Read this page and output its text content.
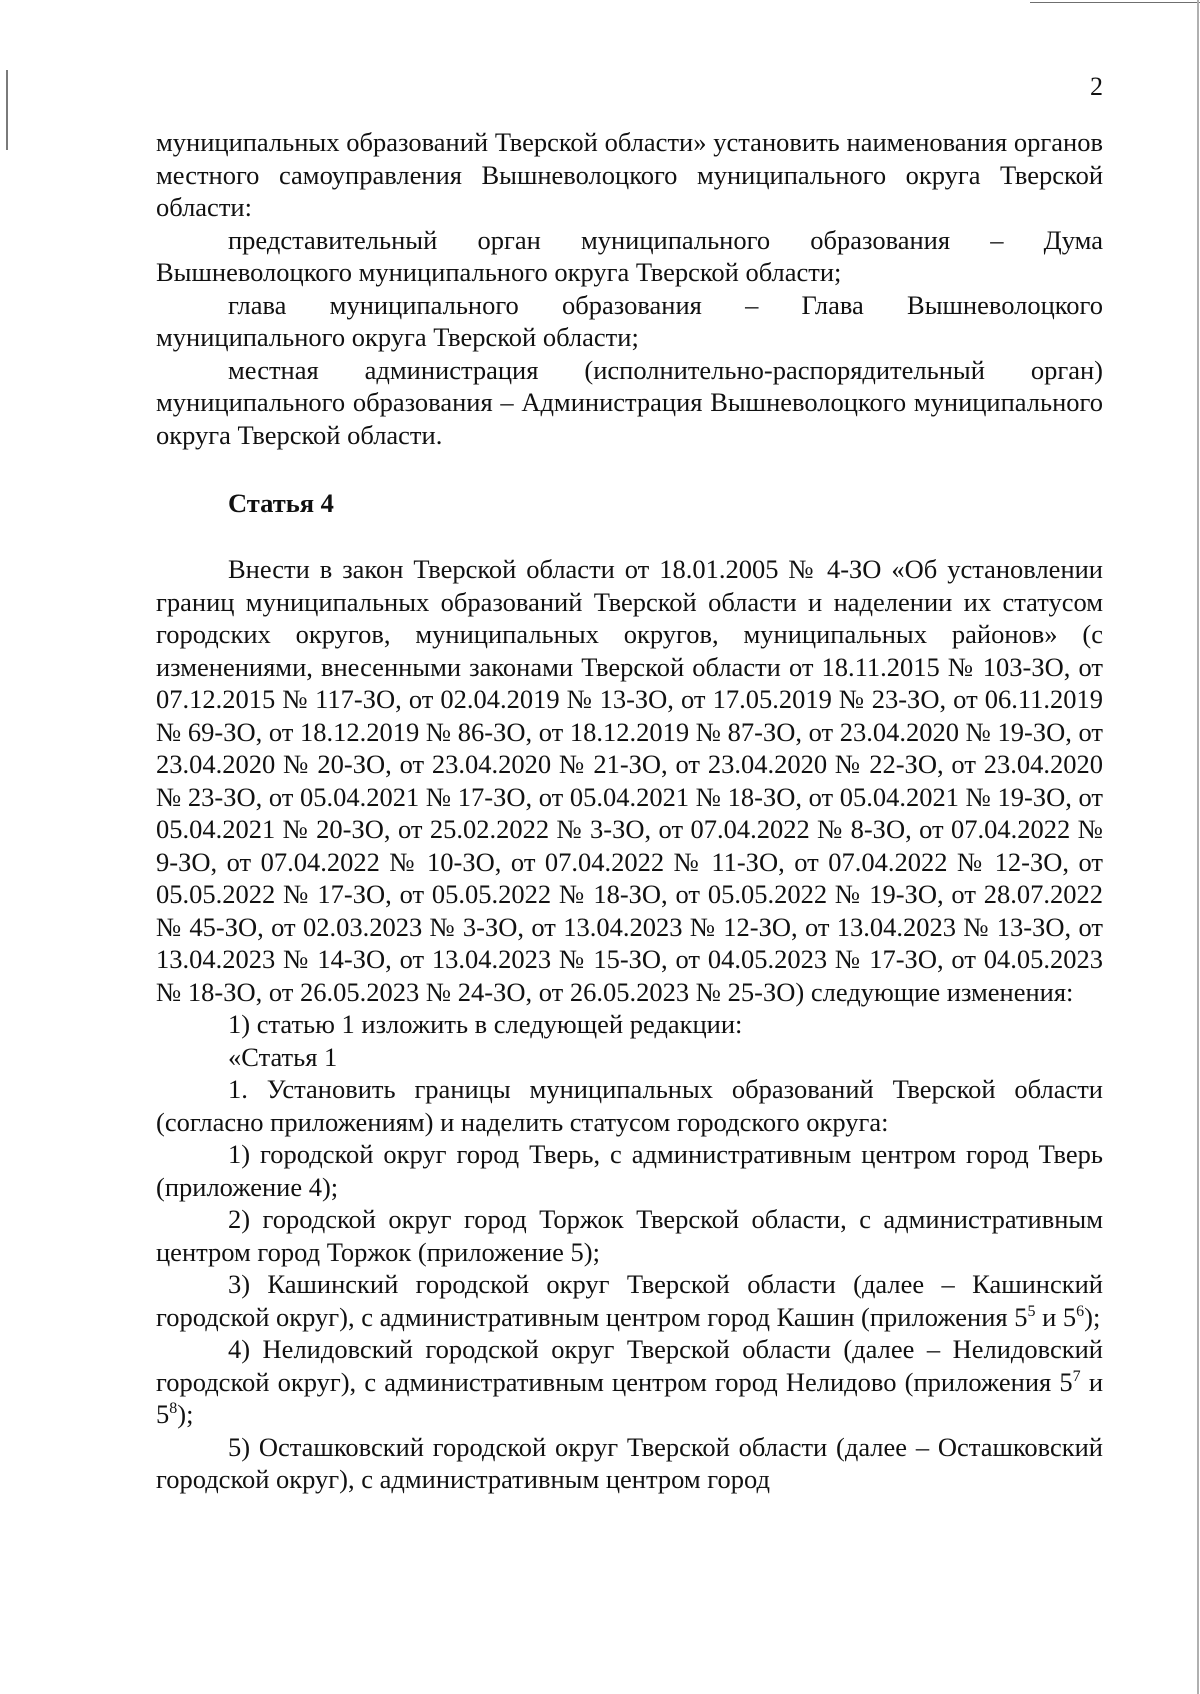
2

муниципальных образований Тверской области» установить наименования органов местного самоуправления Вышневолоцкого муниципального округа Тверской области:

представительный орган муниципального образования – Дума Вышневолоцкого муниципального округа Тверской области;

глава муниципального образования – Глава Вышневолоцкого муниципального округа Тверской области;

местная администрация (исполнительно-распорядительный орган) муниципального образования – Администрация Вышневолоцкого муниципального округа Тверской области.

Статья 4

Внести в закон Тверской области от 18.01.2005 № 4-ЗО «Об установлении границ муниципальных образований Тверской области и наделении их статусом городских округов, муниципальных округов, муниципальных районов» (с изменениями, внесенными законами Тверской области от 18.11.2015 № 103-ЗО, от 07.12.2015 № 117-ЗО, от 02.04.2019 № 13-ЗО, от 17.05.2019 № 23-ЗО, от 06.11.2019 № 69-ЗО, от 18.12.2019 № 86-ЗО, от 18.12.2019 № 87-ЗО, от 23.04.2020 № 19-ЗО, от 23.04.2020 № 20-ЗО, от 23.04.2020 № 21-ЗО, от 23.04.2020 № 22-ЗО, от 23.04.2020 № 23-ЗО, от 05.04.2021 № 17-ЗО, от 05.04.2021 № 18-ЗО, от 05.04.2021 № 19-ЗО, от 05.04.2021 № 20-ЗО, от 25.02.2022 № 3-ЗО, от 07.04.2022 № 8-ЗО, от 07.04.2022 № 9-ЗО, от 07.04.2022 № 10-ЗО, от 07.04.2022 № 11-ЗО, от 07.04.2022 № 12-ЗО, от 05.05.2022 № 17-ЗО, от 05.05.2022 № 18-ЗО, от 05.05.2022 № 19-ЗО, от 28.07.2022 № 45-ЗО, от 02.03.2023 № 3-ЗО, от 13.04.2023 № 12-ЗО, от 13.04.2023 № 13-ЗО, от 13.04.2023 № 14-ЗО, от 13.04.2023 № 15-ЗО, от 04.05.2023 № 17-ЗО, от 04.05.2023 № 18-ЗО, от 26.05.2023 № 24-ЗО, от 26.05.2023 № 25-ЗО) следующие изменения:

1) статью 1 изложить в следующей редакции:

«Статья 1

1. Установить границы муниципальных образований Тверской области (согласно приложениям) и наделить статусом городского округа:

1) городской округ город Тверь, с административным центром город Тверь (приложение 4);

2) городской округ город Торжок Тверской области, с административным центром город Торжок (приложение 5);

3) Кашинский городской округ Тверской области (далее – Кашинский городской округ), с административным центром город Кашин (приложения $5^5$ и $5^6$);

4) Нелидовский городской округ Тверской области (далее – Нелидовский городской округ), с административным центром город Нелидово (приложения $5^7$ и $5^8$);

5) Осташковский городской округ Тверской области (далее – Осташковский городской округ), с административным центром город
